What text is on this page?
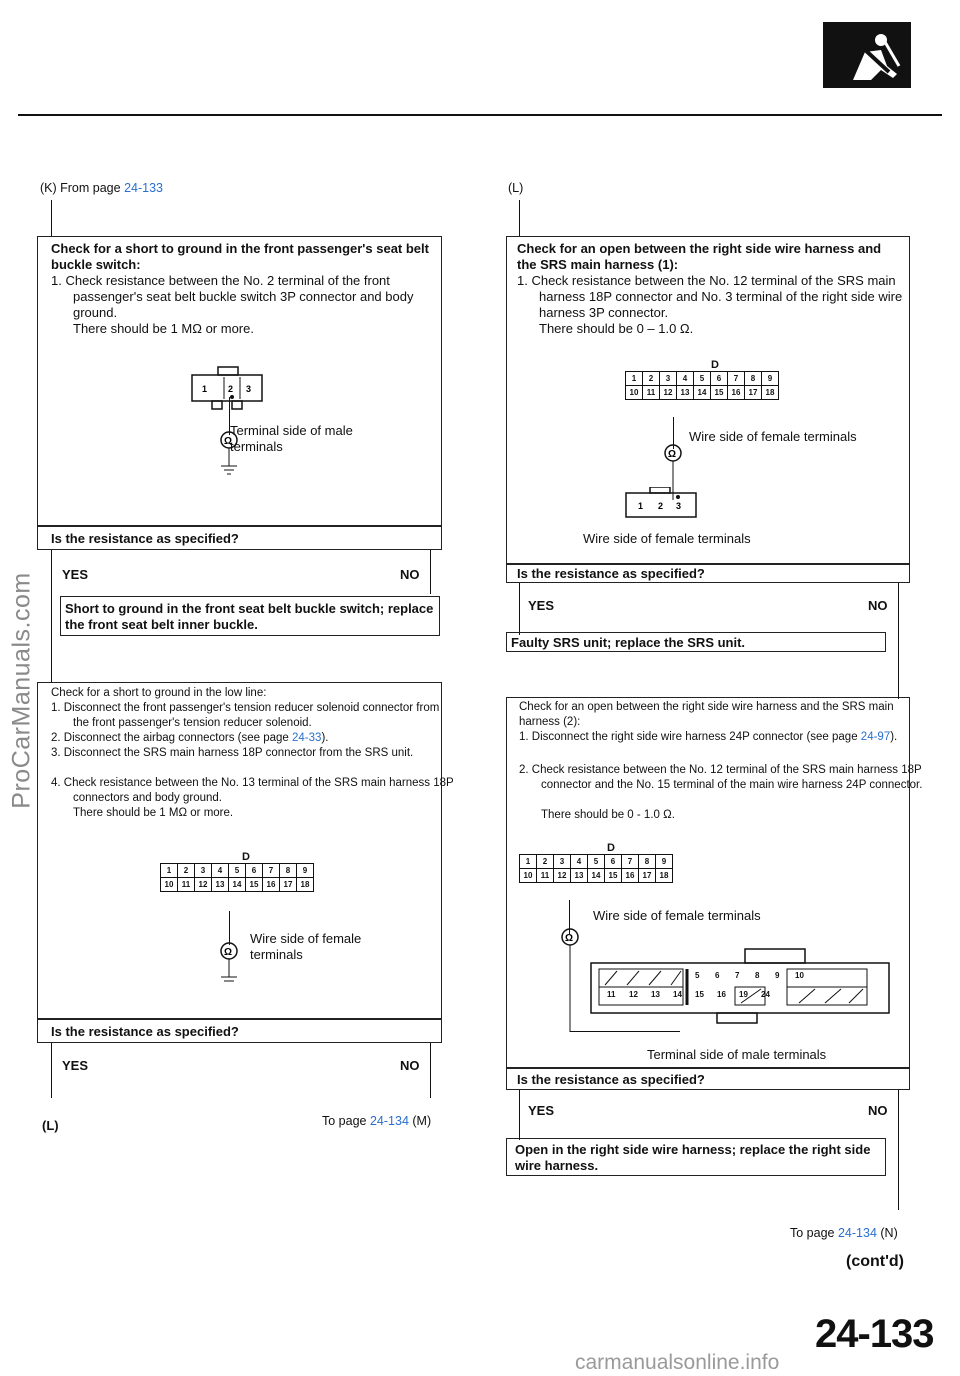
(K) From page 24-133
Check for a short to ground in the front passenger's seat belt buckle switch:
1. Check resistance between the No. 2 terminal of the front passenger's seat belt buckle switch 3P connector and body ground.
There should be 1 MΩ or more.
1 2 3
Ω
Terminal side of male terminals
Is the resistance as specified?
YES	NO
Short to ground in the front seat belt buckle switch; replace the front seat belt inner buckle.
Check for a short to ground in the low line:
1. Disconnect the front passenger's tension reducer solenoid connector from the front passenger's tension reducer solenoid.
2. Disconnect the airbag connectors (see page 24-33).
3. Disconnect the SRS main harness 18P connector from the SRS unit.
4. Check resistance between the No. 13 terminal of the SRS main harness 18P connectors and body ground.
There should be 1 MΩ or more.
D
1	2	3	4	5	6	7	8	9
10	11	12	13	14	15	16	17	18
Ω
Wire side of female terminals
Is the resistance as specified?
YES	NO
(L)	To page 24-134 (M)
(L)
Check for an open between the right side wire harness and the SRS main harness (1):
1. Check resistance between the No. 12 terminal of the SRS main harness 18P connector and No. 3 terminal of the right side wire harness 3P connector.
There should be 0 – 1.0 Ω.
D
1	2	3	4	5	6	7	8	9
10	11	12	13	14	15	16	17	18
Wire side of female terminals
Ω
1 2 3
Wire side of female terminals
Is the resistance as specified?
YES	NO
Faulty SRS unit; replace the SRS unit.
Check for an open between the right side wire harness and the SRS main harness (2):
1. Disconnect the right side wire harness 24P connector (see page 24-97).
2. Check resistance between the No. 12 terminal of the SRS main harness 18P connector and the No. 15 terminal of the main wire harness 24P connector.
There should be 0 - 1.0 Ω.
D
1	2	3	4	5	6	7	8	9
10	11	12	13	14	15	16	17	18
Wire side of female terminals
Ω
5 6 7 8 9 10
11 12 13 14 15 16 19 24
Terminal side of male terminals
Is the resistance as specified?
YES	NO
Open in the right side wire harness; replace the right side wire harness.
To page 24-134 (N)
(cont'd)
24-133
ProCarManuals.com
carmanualsonline.info
